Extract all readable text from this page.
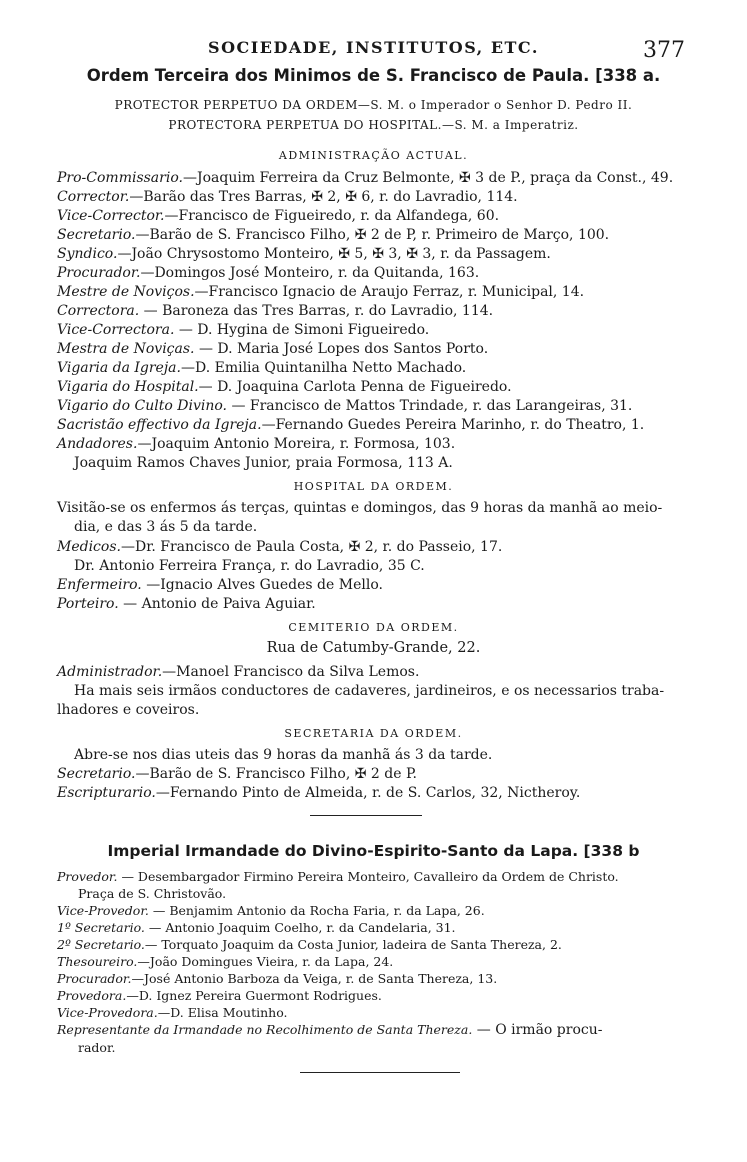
SOCIEDADE, INSTITUTOS, ETC.	377
Ordem Terceira dos Minimos de S. Francisco de Paula. [338 a.
PROTECTOR PERPETUO DA ORDEM—S. M. o Imperador o Senhor D. Pedro II.
PROTECTORA PERPETUA DO HOSPITAL.—S. M. a Imperatriz.
ADMINISTRAÇÃO ACTUAL.
Pro-Commissario.—Joaquim Ferreira da Cruz Belmonte, ✠ 3 de P., praça da Const., 49.
Corrector.—Barão das Tres Barras, ✠ 2, ✠ 6, r. do Lavradio, 114.
Vice-Corrector.—Francisco de Figueiredo, r. da Alfandega, 60.
Secretario.—Barão de S. Francisco Filho, ✠ 2 de P, r. Primeiro de Março, 100.
Syndico.—João Chrysostomo Monteiro, ✠ 5, ✠ 3, ✠ 3, r. da Passagem.
Procurador.—Domingos José Monteiro, r. da Quitanda, 163.
Mestre de Noviços.—Francisco Ignacio de Araujo Ferraz, r. Municipal, 14.
Correctora. — Baroneza das Tres Barras, r. do Lavradio, 114.
Vice-Correctora. — D. Hygina de Simoni Figueiredo.
Mestra de Noviças. — D. Maria José Lopes dos Santos Porto.
Vigaria da Igreja.—D. Emilia Quintanilha Netto Machado.
Vigaria do Hospital.— D. Joaquina Carlota Penna de Figueiredo.
Vigario do Culto Divino. — Francisco de Mattos Trindade, r. das Larangeiras, 31.
Sacristão effectivo da Igreja.—Fernando Guedes Pereira Marinho, r. do Theatro, 1.
Andadores.—Joaquim Antonio Moreira, r. Formosa, 103.
Joaquim Ramos Chaves Junior, praia Formosa, 113 A.
HOSPITAL DA ORDEM.
Visitão-se os enfermos ás terças, quintas e domingos, das 9 horas da manhã ao meio-
dia, e das 3 ás 5 da tarde.
Medicos.—Dr. Francisco de Paula Costa, ✠ 2, r. do Passeio, 17.
Dr. Antonio Ferreira França, r. do Lavradio, 35 C.
Enfermeiro. —Ignacio Alves Guedes de Mello.
Porteiro. — Antonio de Paiva Aguiar.
CEMITERIO DA ORDEM.
Rua de Catumby-Grande, 22.
Administrador.—Manoel Francisco da Silva Lemos.
Ha mais seis irmãos conductores de cadaveres, jardineiros, e os necessarios traba-
lhadores e coveiros.
SECRETARIA DA ORDEM.
Abre-se nos dias uteis das 9 horas da manhã ás 3 da tarde.
Secretario.—Barão de S. Francisco Filho, ✠ 2 de P.
Escripturario.—Fernando Pinto de Almeida, r. de S. Carlos, 32, Nictheroy.
Imperial Irmandade do Divino-Espirito-Santo da Lapa. [338 b
Provedor. — Desembargador Firmino Pereira Monteiro, Cavalleiro da Ordem de Christo.
Praça de S. Christovão.
Vice-Provedor. — Benjamim Antonio da Rocha Faria, r. da Lapa, 26.
1º Secretario. — Antonio Joaquim Coelho, r. da Candelaria, 31.
2º Secretario.— Torquato Joaquim da Costa Junior, ladeira de Santa Thereza, 2.
Thesoureiro.—João Domingues Vieira, r. da Lapa, 24.
Procurador.—José Antonio Barboza da Veiga, r. de Santa Thereza, 13.
Provedora.—D. Ignez Pereira Guermont Rodrigues.
Vice-Provedora.—D. Elisa Moutinho.
Representante da Irmandade no Recolhimento de Santa Thereza. — O irmão procu-
rador.
